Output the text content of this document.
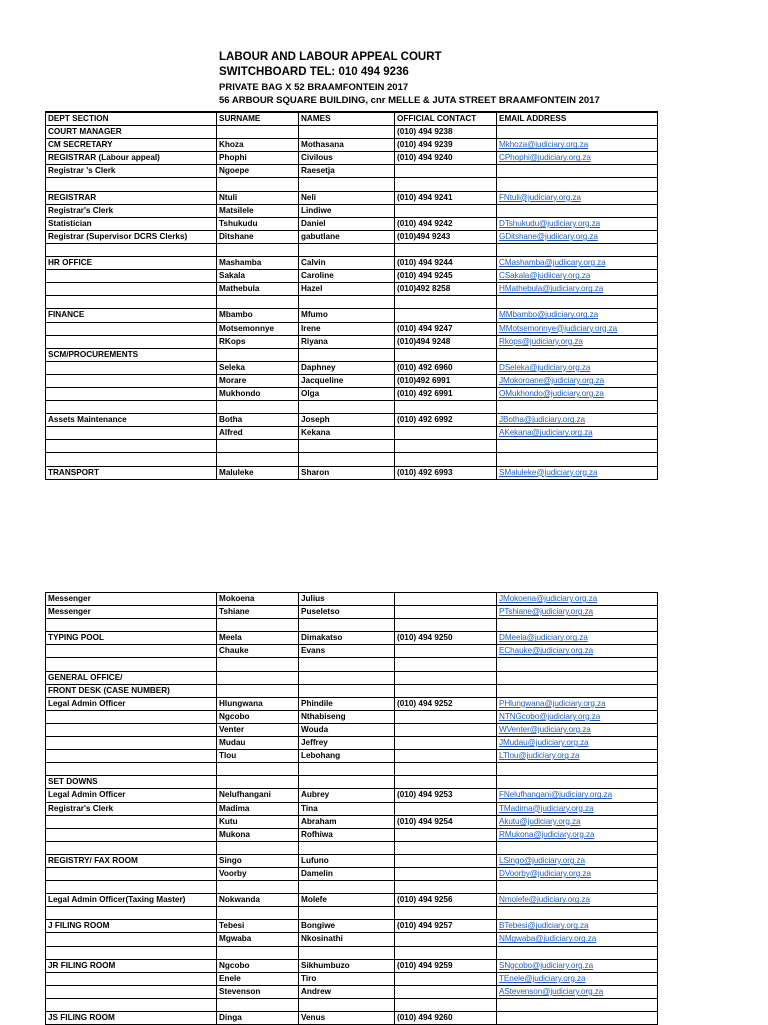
LABOUR AND LABOUR APPEAL COURT
SWITCHBOARD TEL: 010 494 9236
PRIVATE BAG X 52 BRAAMFONTEIN 2017
56 ARBOUR SQUARE BUILDING, cnr MELLE & JUTA STREET BRAAMFONTEIN 2017
DEPT SECTION	SURNAME	NAMES	OFFICIAL CONTACT	EMAIL ADDRESS
COURT MANAGER			(010) 494 9238	
CM SECRETARY	Khoza	Mothasana	(010) 494 9239	Mkhoza@judiciary.org.za
REGISTRAR (Labour appeal)	Phophi	Civilous	(010) 494 9240	CPhophi@judiciary.org.za
Registrar 's Clerk	Ngoepe	Raesetja		

REGISTRAR	Ntuli	Neli	(010) 494 9241	FNtuli@judiciary.org.za
Registrar's Clerk	Matsilele	Lindiwe		
Statistician	Tshukudu	Daniel	(010) 494 9242	DTshukudu@judiciary.org.za
Registrar (Supervisor DCRS Clerks)	Ditshane	gabutlane	(010)494 9243	GDitshane@judiicary.org.za

HR OFFICE	Mashamba	Calvin	(010) 494 9244	CMashamba@judiicary.org.za
	Sakala	Caroline	(010) 494 9245	CSakala@judiicary.org.za
	Mathebula	Hazel	(010)492 8258	HMathebula@judiciary.org.za

FINANCE	Mbambo	Mfumo		MMbambo@judiciary.org.za
	Motsemonnye	Irene	(010) 494 9247	MMotsemonnye@judiciary.org.za
	RKops	Riyana	(010)494 9248	Rkops@judiciary.org.za
SCM/PROCUREMENTS				
	Seleka	Daphney	(010) 492 6960	DSeleka@judiciary.org.za
	Morare	Jacqueline	(010)492 6991	JMokoroane@judiciary.org.za
	Mukhondo	Olga	(010) 492 6991	OMukhondo@judiciary.org.za

Assets Maintenance	Botha	Joseph	(010) 492 6992	JBotha@judiciary.org.za
	Alfred	Kekana		AKekana@judiciary.org.za

TRANSPORT	Maluleke	Sharon	(010) 492 6993	SMaluleke@judiciary.org.za
Messenger	Mokoena	Julius		JMokoena@judiciary.org.za
Messenger	Tshiane	Puseletso		PTshiane@judiciary.org.za

TYPING POOL	Meela	Dimakatso	(010) 494 9250	DMeela@judiciary.org.za
	Chauke	Evans		EChauke@judiciary.org.za

GENERAL OFFICE/				
FRONT DESK (CASE NUMBER)				
Legal Admin Officer	Hlungwana	Phindile	(010) 494 9252	PHlungwana@judiciary.org.za
	Ngcobo	Nthabiseng		NTNGcobo@judiciary.org.za
	Venter	Wouda		WVenter@judiciary.org.za
	Mudau	Jeffrey		JMudau@judiciary.org.za
	Tlou	Lebohang		LTlou@judiciary.org.za

SET DOWNS				
Legal Admin Officer	Nelufhangani	Aubrey	(010) 494 9253	FNelufhangani@judiciary.org.za
Registrar's Clerk	Madima	Tina		TMadima@judiciary.org.za
	Kutu	Abraham	(010) 494 9254	Akutu@judiciary.org.za
	Mukona	Rofhiwa		RMukona@judiciary.org.za

REGISTRY/ FAX ROOM	Singo	Lufuno		LSingo@judiciary.org.za
	Voorby	Damelin		DVoorby@judiciary.org.za

Legal Admin Officer(Taxing Master)	Nokwanda	Molefe	(010) 494 9256	Nmolefe@judiciary.org.za

J FILING ROOM	Tebesi	Bongiwe	(010) 494 9257	BTebesi@judiciary.org.za
	Mgwaba	Nkosinathi		NMgwaba@judiciary.org.za

JR FILING ROOM	Ngcobo	Sikhumbuzo	(010) 494 9259	SNgcobo@judiciary.org.za
	Enele	Tiro		TEnele@judiciary.org.za
	Stevenson	Andrew		AStevenson@judiciary.org.za

JS FILING ROOM	Dinga	Venus	(010) 494 9260	
